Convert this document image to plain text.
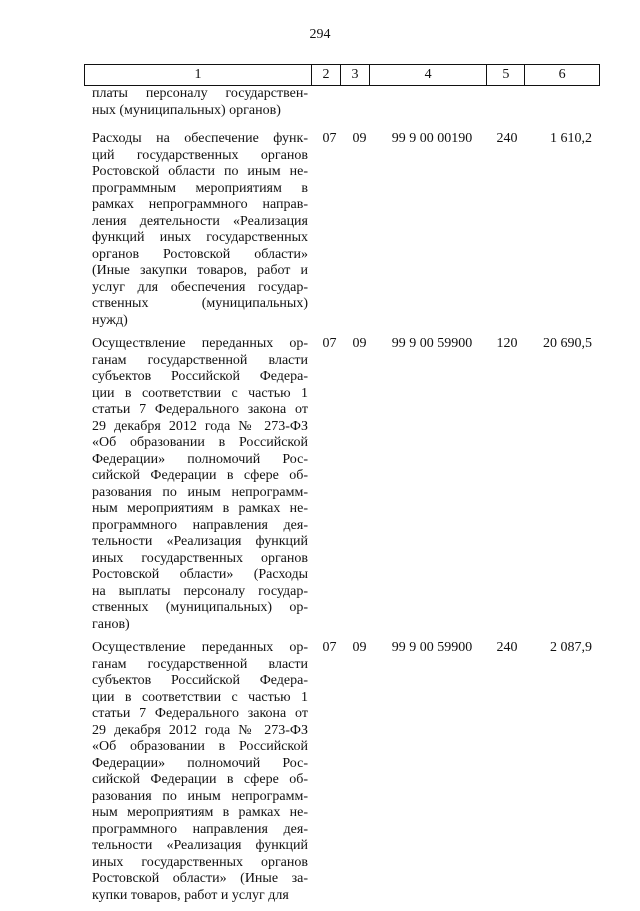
294
1	2	3	4	5	6
платы персоналу государствен-
ных (муниципальных) органов)
Расходы на обеспечение функ-
ций государственных органов
Ростовской области по иным не-
программным мероприятиям в
рамках непрограммного направ-
ления деятельности «Реализация
функций иных государственных
органов Ростовской области»
(Иные закупки товаров, работ и
услуг для обеспечения государ-
ственных (муниципальных)
нужд)
07	09	99 9 00 00190	240	1 610,2
Осуществление переданных ор-
ганам государственной власти
субъектов Российской Федера-
ции в соответствии с частью 1
статьи 7 Федерального закона от
29 декабря 2012 года № 273-ФЗ
«Об образовании в Российской
Федерации» полномочий Рос-
сийской Федерации в сфере об-
разования по иным непрограмм-
ным мероприятиям в рамках не-
программного направления дея-
тельности «Реализация функций
иных государственных органов
Ростовской области» (Расходы
на выплаты персоналу государ-
ственных (муниципальных) ор-
ганов)
07	09	99 9 00 59900	120	20 690,5
Осуществление переданных ор-
ганам государственной власти
субъектов Российской Федера-
ции в соответствии с частью 1
статьи 7 Федерального закона от
29 декабря 2012 года № 273-ФЗ
«Об образовании в Российской
Федерации» полномочий Рос-
сийской Федерации в сфере об-
разования по иным непрограмм-
ным мероприятиям в рамках не-
программного направления дея-
тельности «Реализация функций
иных государственных органов
Ростовской области» (Иные за-
купки товаров, работ и услуг для
07	09	99 9 00 59900	240	2 087,9
